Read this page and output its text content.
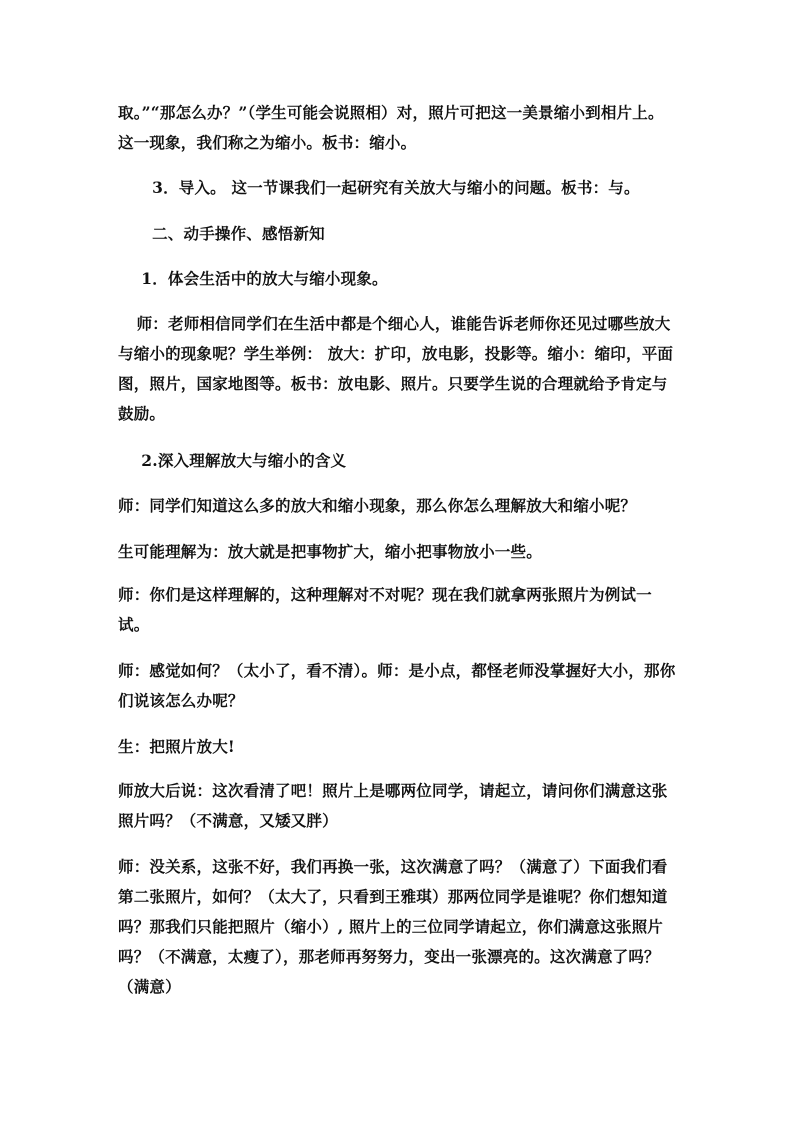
取。”“那怎么办？”（学生可能会说照相）对，照片可把这一美景缩小到相片上。这一现象，我们称之为缩小。板书：缩小。

3．导入。 这一节课我们一起研究有关放大与缩小的问题。板书：与。

二、动手操作、感悟新知

1．体会生活中的放大与缩小现象。

师：老师相信同学们在生活中都是个细心人，谁能告诉老师你还见过哪些放大与缩小的现象呢？学生举例： 放大：扩印，放电影，投影等。缩小：缩印，平面图，照片，国家地图等。板书：放电影、照片。只要学生说的合理就给予肯定与鼓励。

2.深入理解放大与缩小的含义

师：同学们知道这么多的放大和缩小现象，那么你怎么理解放大和缩小呢？

生可能理解为：放大就是把事物扩大，缩小把事物放小一些。

师：你们是这样理解的，这种理解对不对呢？现在我们就拿两张照片为例试一试。

师：感觉如何？（太小了，看不清）。师：是小点，都怪老师没掌握好大小，那你们说该怎么办呢？

生：把照片放大!

师放大后说：这次看清了吧！照片上是哪两位同学，请起立，请问你们满意这张照片吗？（不满意，又矮又胖）

师：没关系，这张不好，我们再换一张，这次满意了吗？（满意了）下面我们看第二张照片，如何？（太大了，只看到王雅琪）那两位同学是谁呢？你们想知道吗？那我们只能把照片（缩小）, 照片上的三位同学请起立，你们满意这张照片吗？（不满意，太瘦了），那老师再努努力，变出一张漂亮的。这次满意了吗？（满意）
